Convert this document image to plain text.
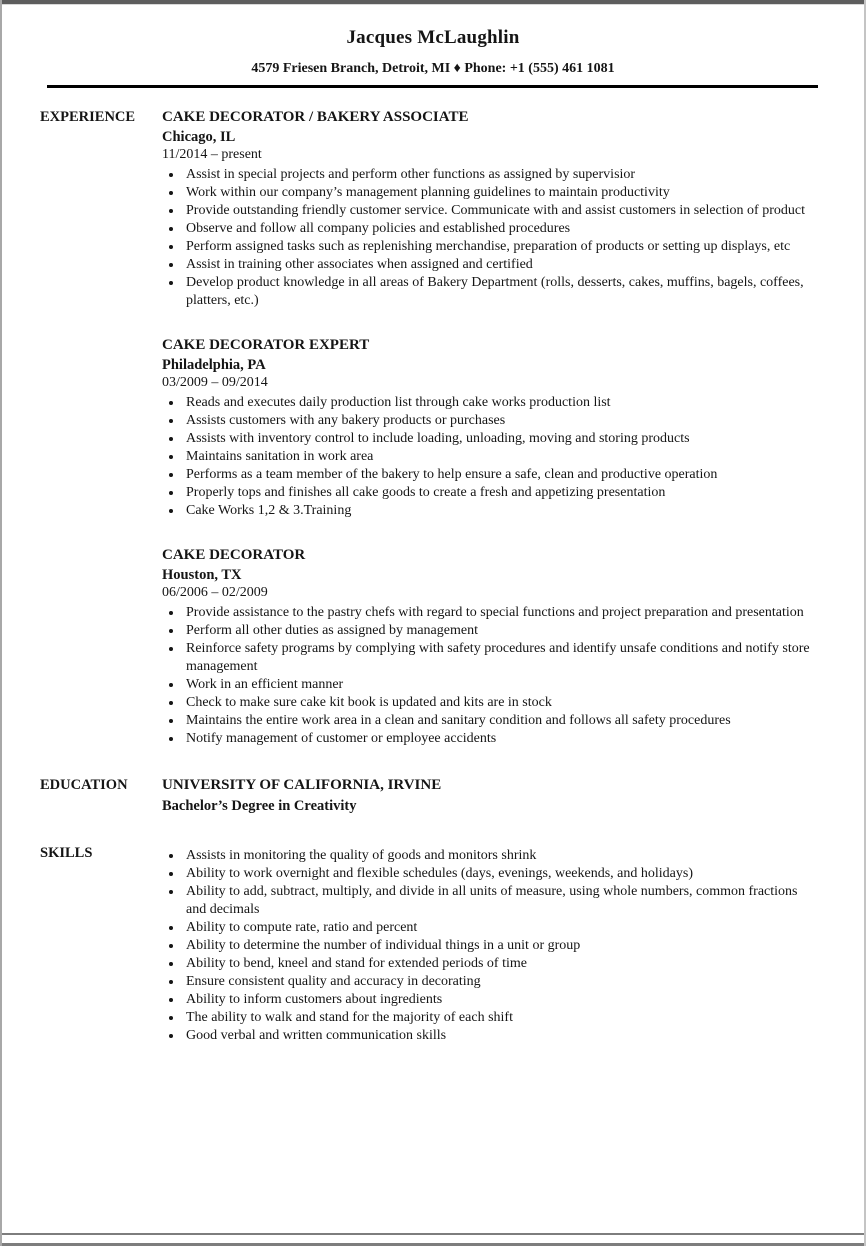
Jacques McLaughlin
4579 Friesen Branch, Detroit, MI ♦ Phone: +1 (555) 461 1081
EXPERIENCE	CAKE DECORATOR / BAKERY ASSOCIATE
Chicago, IL
11/2014 – present
• Assist in special projects and perform other functions as assigned by supervisior
• Work within our company’s management planning guidelines to maintain productivity
• Provide outstanding friendly customer service. Communicate with and assist customers in selection of product
• Observe and follow all company policies and established procedures
• Perform assigned tasks such as replenishing merchandise, preparation of products or setting up displays, etc
• Assist in training other associates when assigned and certified
• Develop product knowledge in all areas of Bakery Department (rolls, desserts, cakes, muffins, bagels, coffees, platters, etc.)
CAKE DECORATOR EXPERT
Philadelphia, PA
03/2009 – 09/2014
• Reads and executes daily production list through cake works production list
• Assists customers with any bakery products or purchases
• Assists with inventory control to include loading, unloading, moving and storing products
• Maintains sanitation in work area
• Performs as a team member of the bakery to help ensure a safe, clean and productive operation
• Properly tops and finishes all cake goods to create a fresh and appetizing presentation
• Cake Works 1,2 & 3.Training
CAKE DECORATOR
Houston, TX
06/2006 – 02/2009
• Provide assistance to the pastry chefs with regard to special functions and project preparation and presentation
• Perform all other duties as assigned by management
• Reinforce safety programs by complying with safety procedures and identify unsafe conditions and notify store management
• Work in an efficient manner
• Check to make sure cake kit book is updated and kits are in stock
• Maintains the entire work area in a clean and sanitary condition and follows all safety procedures
• Notify management of customer or employee accidents
EDUCATION	UNIVERSITY OF CALIFORNIA, IRVINE
Bachelor’s Degree in Creativity
SKILLS	• Assists in monitoring the quality of goods and monitors shrink
• Ability to work overnight and flexible schedules (days, evenings, weekends, and holidays)
• Ability to add, subtract, multiply, and divide in all units of measure, using whole numbers, common fractions and decimals
• Ability to compute rate, ratio and percent
• Ability to determine the number of individual things in a unit or group
• Ability to bend, kneel and stand for extended periods of time
• Ensure consistent quality and accuracy in decorating
• Ability to inform customers about ingredients
• The ability to walk and stand for the majority of each shift
• Good verbal and written communication skills
